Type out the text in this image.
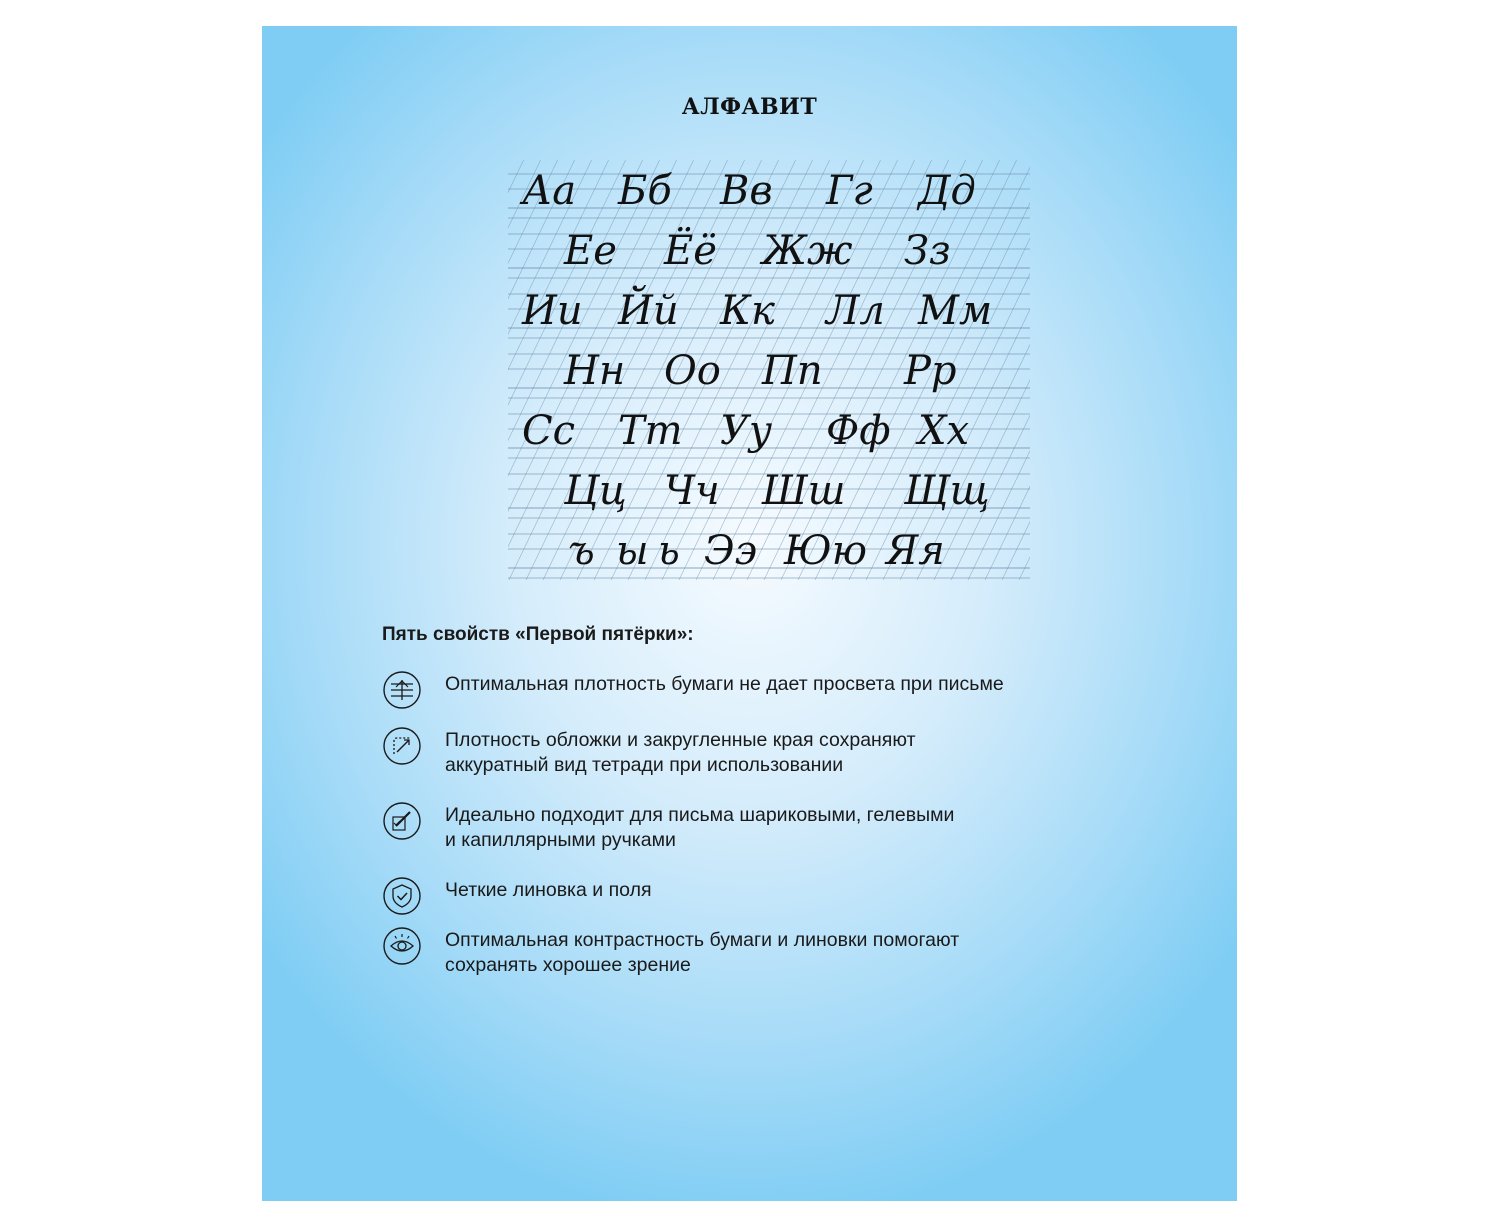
АЛФАВИТ
Аа Бб Вв Гг Дд
Ее Ёё Жж Зз
Ии Йй Кк Лл Мм
Нн Оо Пп Рр
Сс Тт Уу Фф Хх
Цц Чч Шш Щщ
ъ ы ь Ээ Юю Яя
Пять свойств «Первой пятёрки»:
Оптимальная плотность бумаги не дает просвета при письме
Плотность обложки и закругленные края сохраняют
аккуратный вид тетради при использовании
Идеально подходит для письма шариковыми, гелевыми
и капиллярными ручками
Четкие линовка и поля
Оптимальная контрастность бумаги и линовки помогают
сохранять хорошее зрение
